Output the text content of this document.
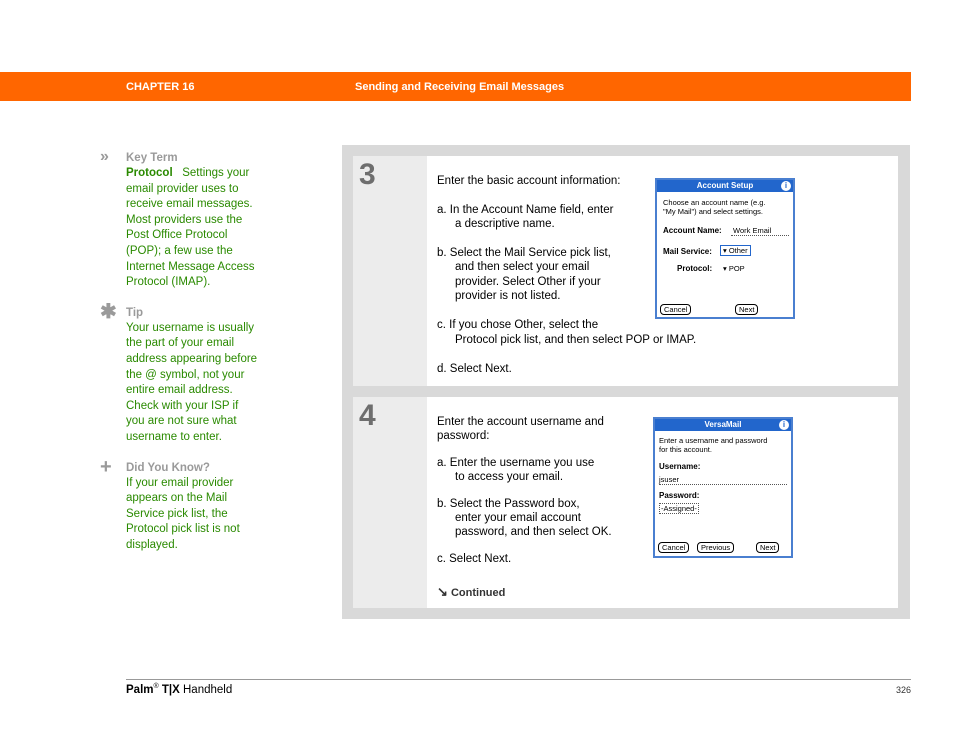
CHAPTER 16	Sending and Receiving Email Messages
»	Key Term
Protocol Settings your
email provider uses to
receive email messages.
Most providers use the
Post Office Protocol
(POP); a few use the
Internet Message Access
Protocol (IMAP).
✱ Tip
Your username is usually
the part of your email
address appearing before
the @ symbol, not your
entire email address.
Check with your ISP if
you are not sure what
username to enter.
+	Did You Know?
If your email provider
appears on the Mail
Service pick list, the
Protocol pick list is not
displayed.
3	Enter the basic account information:
a. In the Account Name field, enter
a descriptive name.
b. Select the Mail Service pick list,
and then select your email
provider. Select Other if your
provider is not listed.
c. If you chose Other, select the
Protocol pick list, and then select POP or IMAP.
d. Select Next.
Account Setup	i
Choose an account name (e.g.
"My Mail") and select settings.
Account Name: Work Email
Mail Service:	▾ Other
Protocol: ▾ POP
Cancel	Next
4	Enter the account username and
password:
a. Enter the username you use
to access your email.
b. Select the Password box,
enter your email account
password, and then select OK.
c. Select Next.
↘ Continued
VersaMail	i
Enter a username and password
for this account.
Username:
jsuser
Password:
-Assigned-
Cancel	Previous	Next
Palm® T|X Handheld	326
